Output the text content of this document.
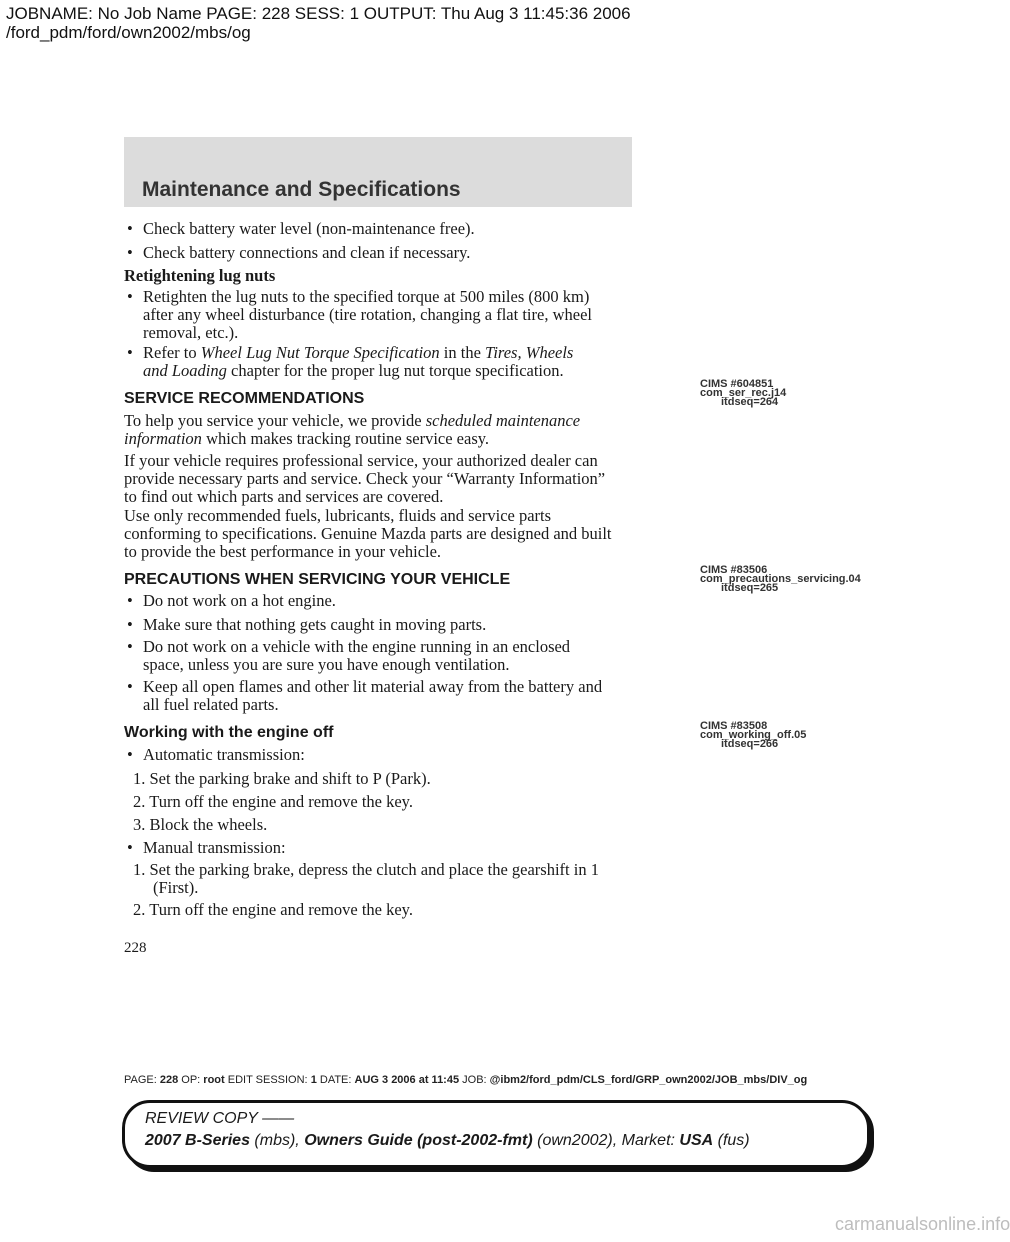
JOBNAME: No Job Name PAGE: 228 SESS: 1 OUTPUT: Thu Aug 3 11:45:36 2006
/ford_pdm/ford/own2002/mbs/og
Maintenance and Specifications
• Check battery water level (non-maintenance free).
• Check battery connections and clean if necessary.
Retightening lug nuts
• Retighten the lug nuts to the specified torque at 500 miles (800 km)
after any wheel disturbance (tire rotation, changing a flat tire, wheel
removal, etc.).
• Refer to Wheel Lug Nut Torque Specification in the Tires, Wheels
and Loading chapter for the proper lug nut torque specification.
SERVICE RECOMMENDATIONS
To help you service your vehicle, we provide scheduled maintenance
information which makes tracking routine service easy.
If your vehicle requires professional service, your authorized dealer can
provide necessary parts and service. Check your “Warranty Information”
to find out which parts and services are covered.
Use only recommended fuels, lubricants, fluids and service parts
conforming to specifications. Genuine Mazda parts are designed and built
to provide the best performance in your vehicle.
PRECAUTIONS WHEN SERVICING YOUR VEHICLE
• Do not work on a hot engine.
• Make sure that nothing gets caught in moving parts.
• Do not work on a vehicle with the engine running in an enclosed
space, unless you are sure you have enough ventilation.
• Keep all open flames and other lit material away from the battery and
all fuel related parts.
Working with the engine off
• Automatic transmission:
1. Set the parking brake and shift to P (Park).
2. Turn off the engine and remove the key.
3. Block the wheels.
• Manual transmission:
1. Set the parking brake, depress the clutch and place the gearshift in 1
(First).
2. Turn off the engine and remove the key.
CIMS #604851
com_ser_rec.j14
itdseq=264
CIMS #83506
com_precautions_servicing.04
itdseq=265
CIMS #83508
com_working_off.05
itdseq=266
228
PAGE: 228 OP: root EDIT SESSION: 1 DATE: AUG 3 2006 at 11:45 JOB: @ibm2/ford_pdm/CLS_ford/GRP_own2002/JOB_mbs/DIV_og
REVIEW COPY ——
2007 B-Series (mbs), Owners Guide (post-2002-fmt) (own2002), Market: USA (fus)
carmanualsonline.info
